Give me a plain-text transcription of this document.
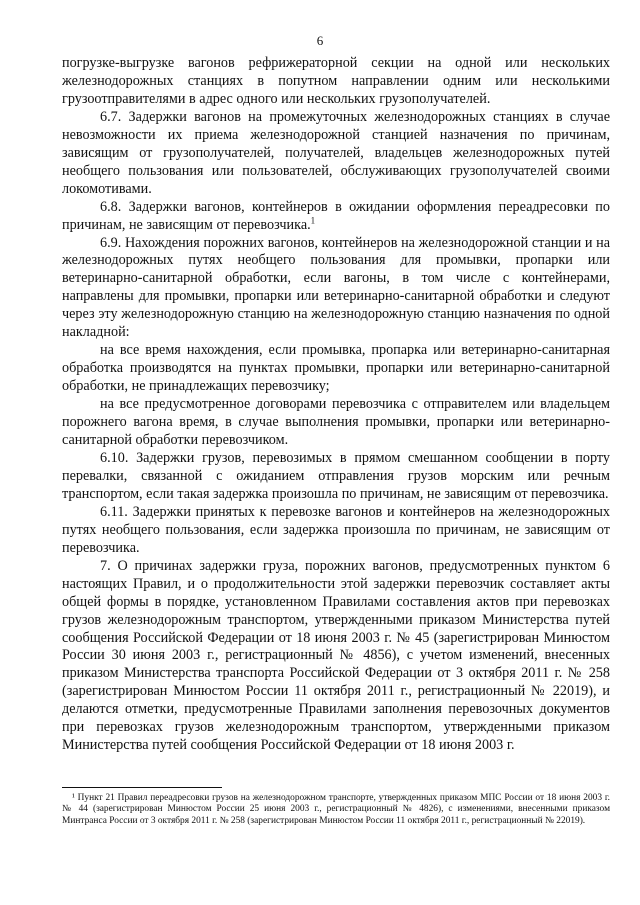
6

погрузке-выгрузке вагонов рефрижераторной секции на одной или нескольких железнодорожных станциях в попутном направлении одним или несколькими грузоотправителями в адрес одного или нескольких грузополучателей.

6.7. Задержки вагонов на промежуточных железнодорожных станциях в случае невозможности их приема железнодорожной станцией назначения по причинам, зависящим от грузополучателей, получателей, владельцев железнодорожных путей необщего пользования или пользователей, обслуживающих грузополучателей своими локомотивами.

6.8. Задержки вагонов, контейнеров в ожидании оформления переадресовки по причинам, не зависящим от перевозчика.$^1$

6.9. Нахождения порожних вагонов, контейнеров на железнодорожной станции и на железнодорожных путях необщего пользования для промывки, пропарки или ветеринарно-санитарной обработки, если вагоны, в том числе с контейнерами, направлены для промывки, пропарки или ветеринарно-санитарной обработки и следуют через эту железнодорожную станцию на железнодорожную станцию назначения по одной накладной:

на все время нахождения, если промывка, пропарка или ветеринарно-санитарная обработка производятся на пунктах промывки, пропарки или ветеринарно-санитарной обработки, не принадлежащих перевозчику;

на все предусмотренное договорами перевозчика с отправителем или владельцем порожнего вагона время, в случае выполнения промывки, пропарки или ветеринарно-санитарной обработки перевозчиком.

6.10. Задержки грузов, перевозимых в прямом смешанном сообщении в порту перевалки, связанной с ожиданием отправления грузов морским или речным транспортом, если такая задержка произошла по причинам, не зависящим от перевозчика.

6.11. Задержки принятых к перевозке вагонов и контейнеров на железнодорожных путях необщего пользования, если задержка произошла по причинам, не зависящим от перевозчика.

7. О причинах задержки груза, порожних вагонов, предусмотренных пунктом 6 настоящих Правил, и о продолжительности этой задержки перевозчик составляет акты общей формы в порядке, установленном Правилами составления актов при перевозках грузов железнодорожным транспортом, утвержденными приказом Министерства путей сообщения Российской Федерации от 18 июня 2003 г. № 45 (зарегистрирован Минюстом России 30 июня 2003 г., регистрационный № 4856), с учетом изменений, внесенных приказом Министерства транспорта Российской Федерации от 3 октября 2011 г. № 258 (зарегистрирован Минюстом России 11 октября 2011 г., регистрационный № 22019), и делаются отметки, предусмотренные Правилами заполнения перевозочных документов при перевозках грузов железнодорожным транспортом, утвержденными приказом Министерства путей сообщения Российской Федерации от 18 июня 2003 г.

¹ Пункт 21 Правил переадресовки грузов на железнодорожном транспорте, утвержденных приказом МПС России от 18 июня 2003 г. № 44 (зарегистрирован Минюстом России 25 июня 2003 г., регистрационный № 4826), с изменениями, внесенными приказом Минтранса России от 3 октября 2011 г. № 258 (зарегистрирован Минюстом России 11 октября 2011 г., регистрационный № 22019).
